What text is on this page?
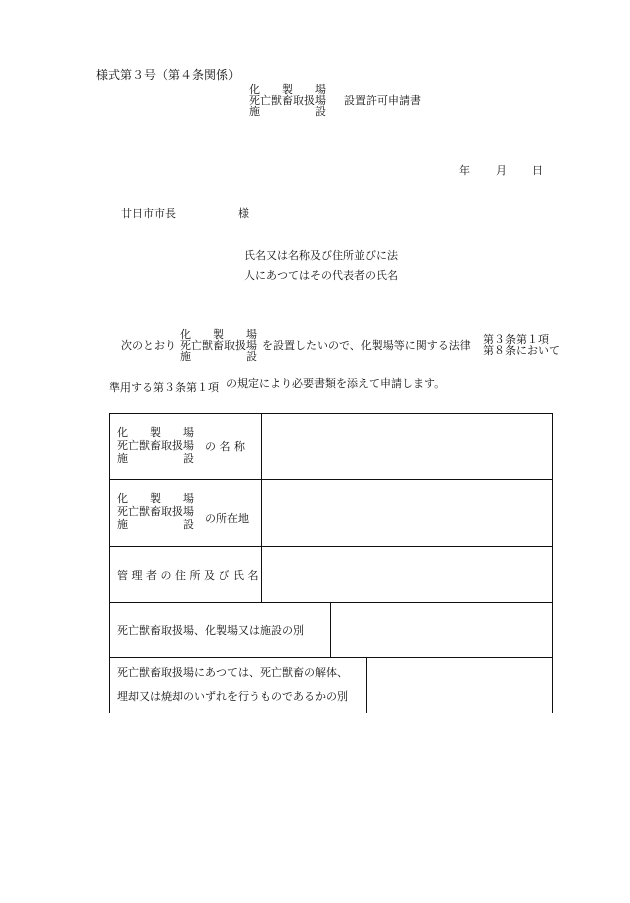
様式第３号（第４条関係）
化　　製　　場
死亡獣畜取扱場
施　　　　　設
設置許可申請書
年 月 日
廿日市市長	様
氏名又は名称及び住所並びに法
人にあつてはその代表者の氏名
次のとおり
化　　製　　場
死亡獣畜取扱場
施　　　　　設
を設置したいので、化製場等に関する法律 第３条第１項
第８条において
準用する第３条第１項 の規定により必要書類を添えて申請します。
化　　製　　場
死亡獣畜取扱場
施　　　　　設
の 名 称
化　　製　　場
死亡獣畜取扱場
施　　　　　設 の所在地
管 理 者 の 住 所 及 び 氏 名
死亡獣畜取扱場、化製場又は施設の別
死亡獣畜取扱場にあつては、死亡獣畜の解体、
埋却又は焼却のいずれを行うものであるかの別
